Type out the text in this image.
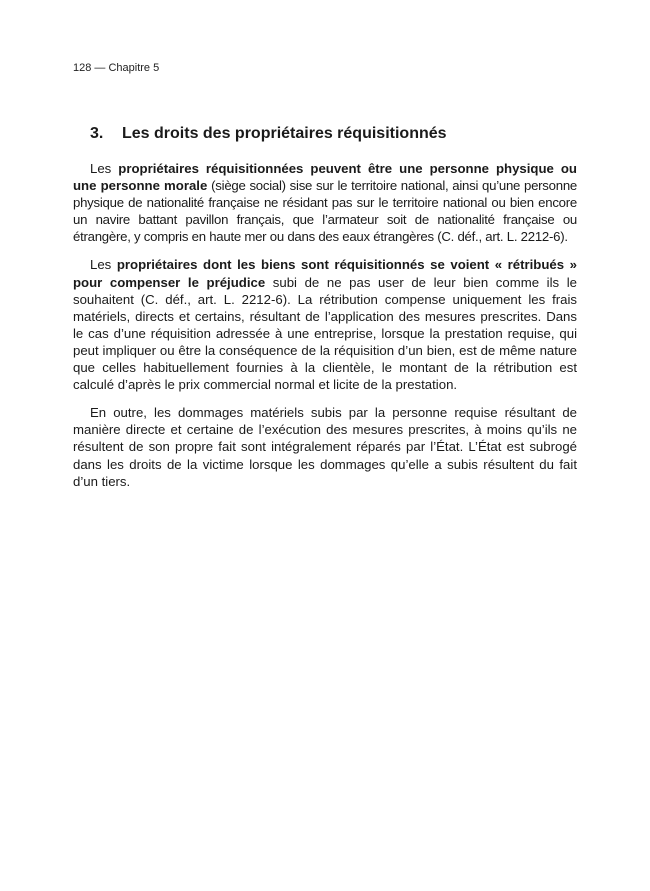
128 — Chapitre 5
3. Les droits des propriétaires réquisitionnés

Les propriétaires réquisitionnées peuvent être une personne physique ou une personne morale (siège social) sise sur le territoire national, ainsi qu’une personne physique de nationalité française ne résidant pas sur le territoire national ou bien encore un navire battant pavillon français, que l’armateur soit de nationalité française ou étrangère, y compris en haute mer ou dans des eaux étrangères (C. déf., art. L. 2212-6).

Les propriétaires dont les biens sont réquisitionnés se voient « rétribués » pour compenser le préjudice subi de ne pas user de leur bien comme ils le souhaitent (C. déf., art. L. 2212-6). La rétribution compense uniquement les frais matériels, directs et certains, résultant de l’application des mesures prescrites. Dans le cas d’une réquisition adressée à une entreprise, lorsque la prestation requise, qui peut impliquer ou être la conséquence de la réquisition d’un bien, est de même nature que celles habituellement fournies à la clientèle, le montant de la rétribution est calculé d’après le prix commercial normal et licite de la prestation.

En outre, les dommages matériels subis par la personne requise résultant de manière directe et certaine de l’exécution des mesures prescrites, à moins qu’ils ne résultent de son propre fait sont intégralement réparés par l’État. L’État est subrogé dans les droits de la victime lorsque les dommages qu’elle a subis résultent du fait d’un tiers.
